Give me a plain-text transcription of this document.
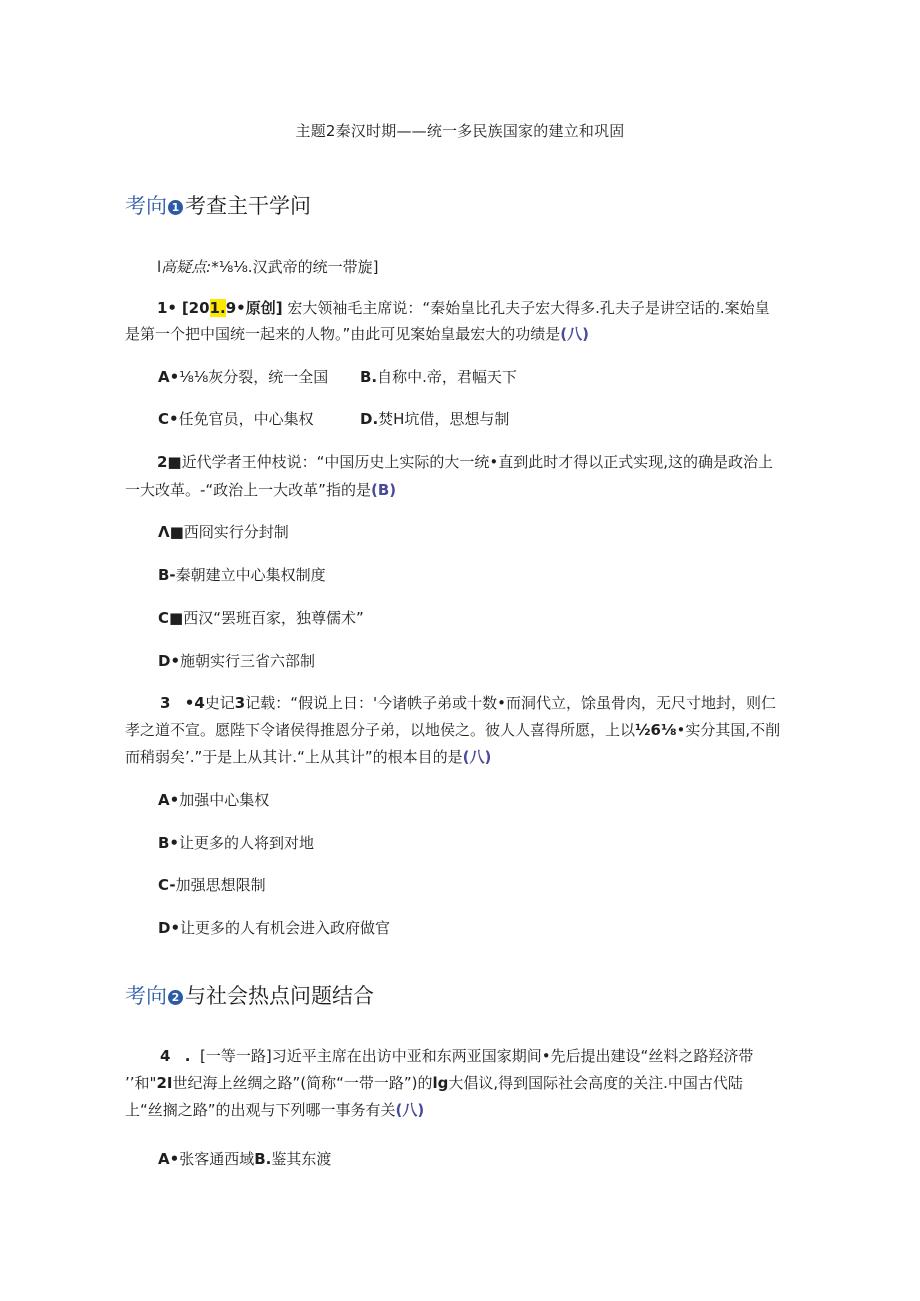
主题2秦汉时期——统一多民族国家的建立和巩固
考向 1 考查主干学问
l高疑点:*⅛⅛.汉武帝的统一带旋]
1• [201.9•原创] 宏大领袖毛主席说：“秦始皇比孔夫子宏大得多.孔夫子是讲空话的.案始皇
是第一个把中国统一起来的人物。”由此可见案始皇最宏大的功绩是(八)
A•⅛⅛灰分裂，统一全国 B.自称中.帝，君幅天下
C•任免官员，中心集权	D.焚H坑借，思想与制
2■近代学者王仲枝说：“中国历史上实际的大一统•直到此时才得以正式实现,这的确是政治上
一大改革。-“政治上一大改革”指的是(B)
Λ■西冏实行分封制
B-秦朝建立中心集权制度
C■西汉“罢班百家，独尊儒术”
D•施朝实行三省六部制
3 •4史记3记载：“假说上日：'今诸帙子弟或十数•而洞代立，馀虽骨肉，无尺寸地封，则仁
孝之道不宣。愿陛下令诸侯得推恩分子弟，以地侯之。彼人人喜得所愿，上以½6⅛•实分其国,不削
而稍弱矣’.”于是上从其计.“上从其计”的根本目的是(八)
A•加强中心集权
B•让更多的人将到对地
C-加强思想限制
D•让更多的人有机会进入政府做官
考向 2 与社会热点问题结合
4 . [一等一路]习近平主席在出访中亚和东两亚国家期间•先后提出建设“丝料之路羟济带
’’和"2I世纪海上丝绸之路”(简称“一带一路”)的lg大倡议,得到国际社会高度的关注.中国古代陆
上“丝搁之路”的出观与下列哪一事务有关(八)
A•张客通西域B.鉴其东渡
